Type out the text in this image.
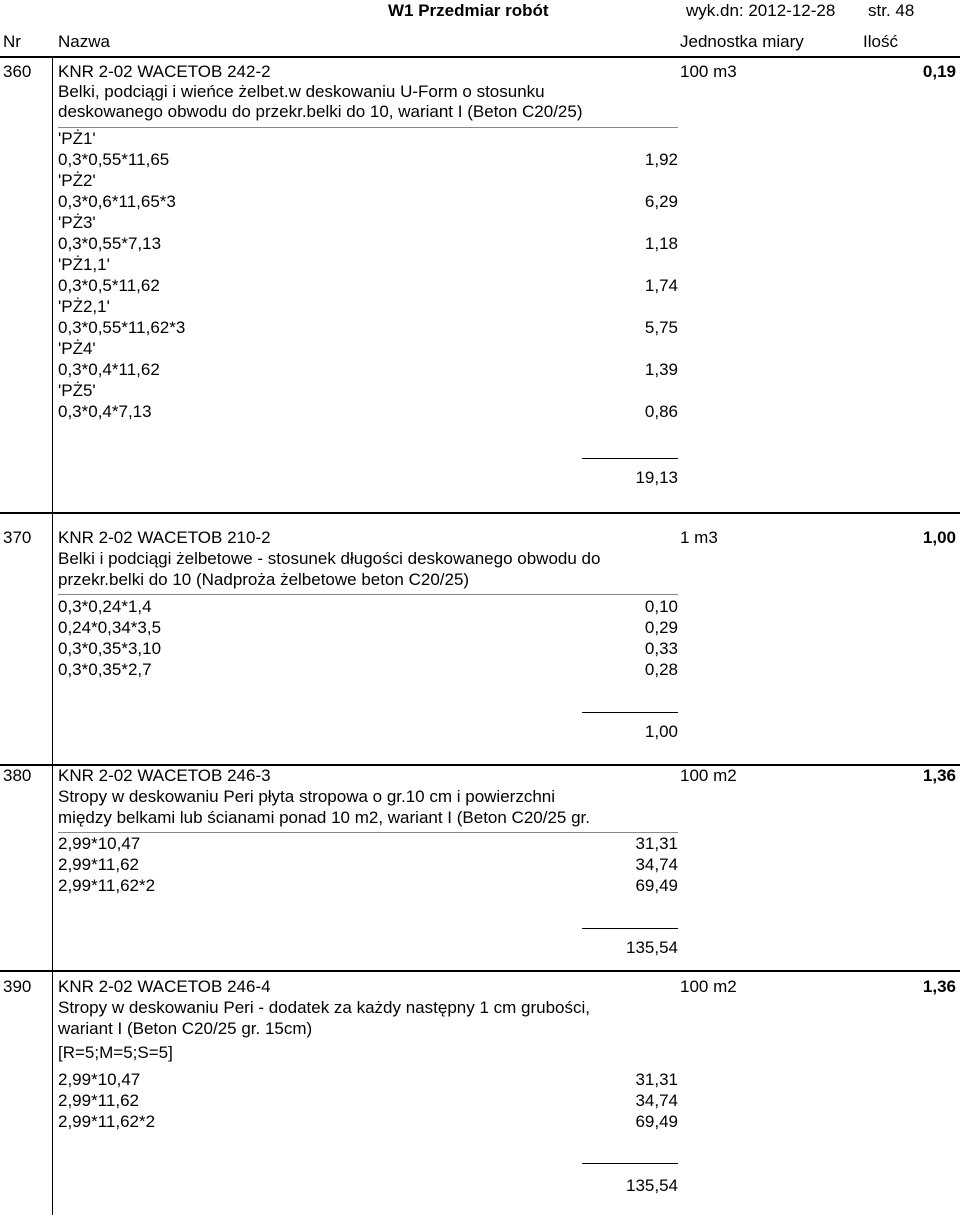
W1 Przedmiar robót	wyk.dn: 2012-12-28 str. 48
Nr Nazwa	Jednostka miary	Ilość
360 KNR 2-02 WACETOB 242-2
Belki, podciągi i wieńce żelbet.w deskowaniu U-Form o stosunku
deskowanego obwodu do przekr.belki do 10, wariant I (Beton C20/25)
100 m3	0,19
'PŻ1'
0,3*0,55*11,65	1,92
'PŻ2'
0,3*0,6*11,65*3	6,29
'PŻ3'
0,3*0,55*7,13	1,18
'PŻ1,1'
0,3*0,5*11,62	1,74
'PŻ2,1'
0,3*0,55*11,62*3	5,75
'PŻ4'
0,3*0,4*11,62	1,39
'PŻ5'
0,3*0,4*7,13	0,86
19,13
370 KNR 2-02 WACETOB 210-2
Belki i podciągi żelbetowe - stosunek długości deskowanego obwodu do
przekr.belki do 10 (Nadproża żelbetowe beton C20/25)
1 m3	1,00
0,3*0,24*1,4	0,10
0,24*0,34*3,5	0,29
0,3*0,35*3,10	0,33
0,3*0,35*2,7	0,28
1,00
380 KNR 2-02 WACETOB 246-3
Stropy w deskowaniu Peri płyta stropowa o gr.10 cm i powierzchni
między belkami lub ścianami ponad 10 m2, wariant I (Beton C20/25 gr.
100 m2	1,36
2,99*10,47	31,31
2,99*11,62	34,74
2,99*11,62*2	69,49
135,54
390 KNR 2-02 WACETOB 246-4
Stropy w deskowaniu Peri - dodatek za każdy następny 1 cm grubości,
wariant I (Beton C20/25 gr. 15cm)
[R=5;M=5;S=5]
100 m2	1,36
2,99*10,47	31,31
2,99*11,62	34,74
2,99*11,62*2	69,49
135,54
